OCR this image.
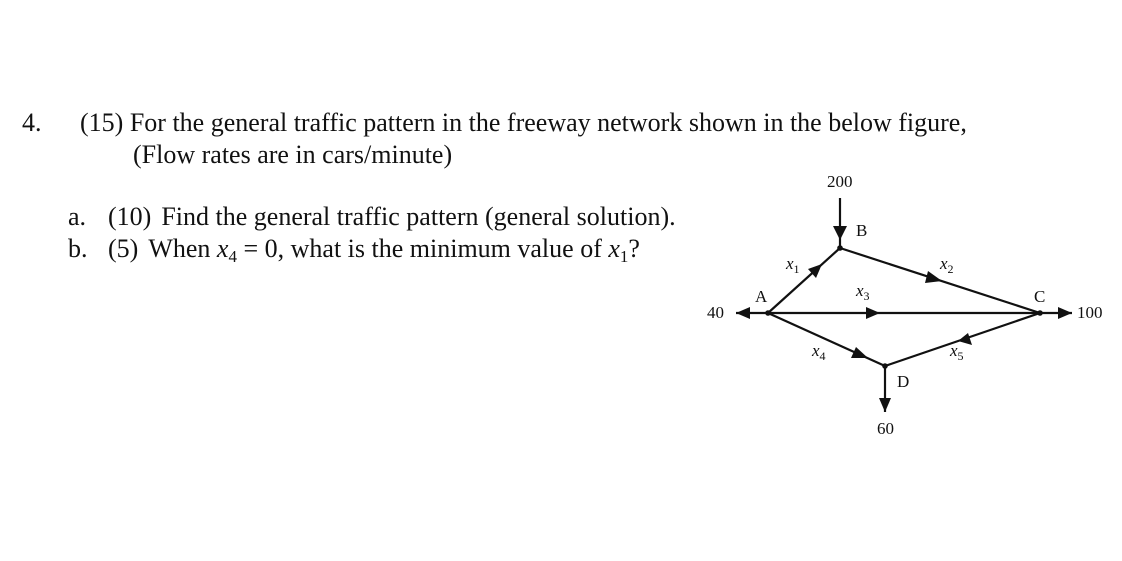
4. (15) For the general traffic pattern in the freeway network shown in the below figure,
(Flow rates are in cars/minute)
a. (10) Find the general traffic pattern (general solution).
b. (5) When $x_4 = 0$, what is the minimum value of $x_1$?
A
B
C
D
200
40	100
60
$x_1$	$x_2$
$x_3$
$x_4$	$x_5$
